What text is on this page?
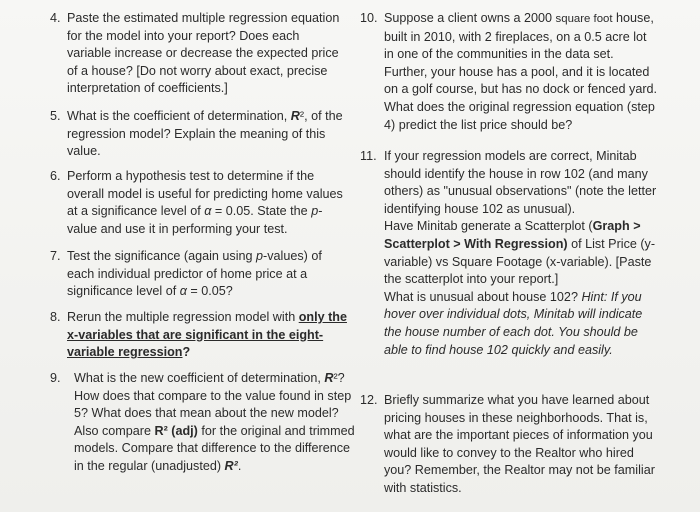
4. Paste the estimated multiple regression equation
for the model into your report? Does each
variable increase or decrease the expected price
of a house? [Do not worry about exact, precise
interpretation of coefficients.]
5. What is the coefficient of determination, R², of the
regression model? Explain the meaning of this
value.
6. Perform a hypothesis test to determine if the
overall model is useful for predicting home values
at a significance level of α = 0.05. State the p-
value and use it in performing your test.
7. Test the significance (again using p-values) of
each individual predictor of home price at a
significance level of α = 0.05?
8. Rerun the multiple regression model with only the
x-variables that are significant in the eight-
variable regression?
9. What is the new coefficient of determination, R²?
How does that compare to the value found in step
5? What does that mean about the new model?
Also compare R² (adj) for the original and trimmed
models. Compare that difference to the difference
in the regular (unadjusted) R².
10. Suppose a client owns a 2000 square foot house,
built in 2010, with 2 fireplaces, on a 0.5 acre lot
in one of the communities in the data set.
Further, your house has a pool, and it is located
on a golf course, but has no dock or fenced yard.
What does the original regression equation (step
4) predict the list price should be?
11. If your regression models are correct, Minitab
should identify the house in row 102 (and many
others) as "unusual observations" (note the letter
identifying house 102 as unusual).
Have Minitab generate a Scatterplot (Graph >
Scatterplot > With Regression) of List Price (y-
variable) vs Square Footage (x-variable). [Paste
the scatterplot into your report.]
What is unusual about house 102? Hint: If you
hover over individual dots, Minitab will indicate
the house number of each dot. You should be
able to find house 102 quickly and easily.
12. Briefly summarize what you have learned about
pricing houses in these neighborhoods. That is,
what are the important pieces of information you
would like to convey to the Realtor who hired
you? Remember, the Realtor may not be familiar
with statistics.
